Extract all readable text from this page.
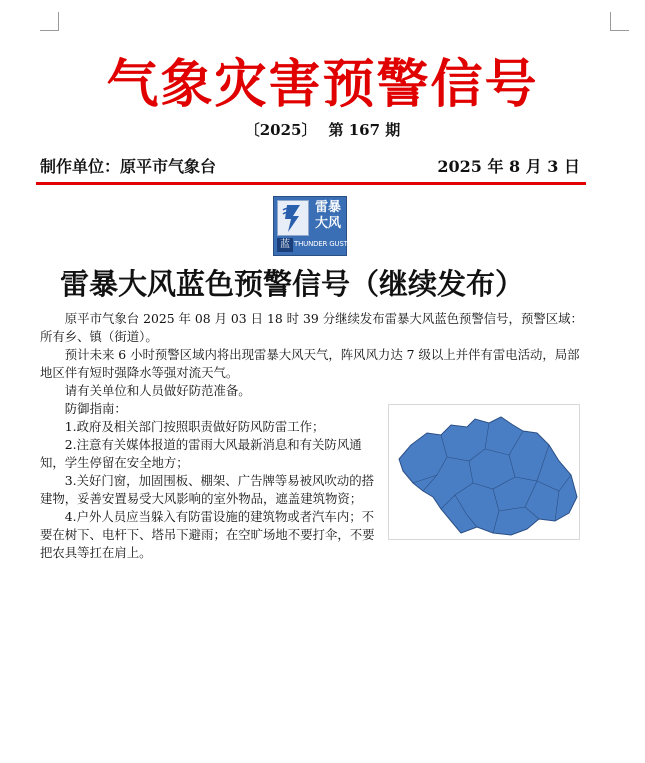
气象灾害预警信号
〔2025〕 第 167 期
制作单位：原平市气象台	2025 年 8 月 3 日
雷暴
大风
蓝 THUNDER GUST
雷暴大风蓝色预警信号（继续发布）

原平市气象台 2025 年 08 月 03 日 18 时 39 分继续发布雷暴大风蓝色预警信号，预警区域：所有乡、镇（街道）。

预计未来 6 小时预警区域内将出现雷暴大风天气，阵风风力达 7 级以上并伴有雷电活动，局部地区伴有短时强降水等强对流天气。

请有关单位和人员做好防范准备。

防御指南：

1.政府及相关部门按照职责做好防风防雷工作；

2.注意有关媒体报道的雷雨大风最新消息和有关防风通知，学生停留在安全地方；

3.关好门窗，加固围板、棚架、广告牌等易被风吹动的搭建物，妥善安置易受大风影响的室外物品，遮盖建筑物资；

4.户外人员应当躲入有防雷设施的建筑物或者汽车内；不要在树下、电杆下、塔吊下避雨；在空旷场地不要打伞，不要把农具等扛在肩上。
